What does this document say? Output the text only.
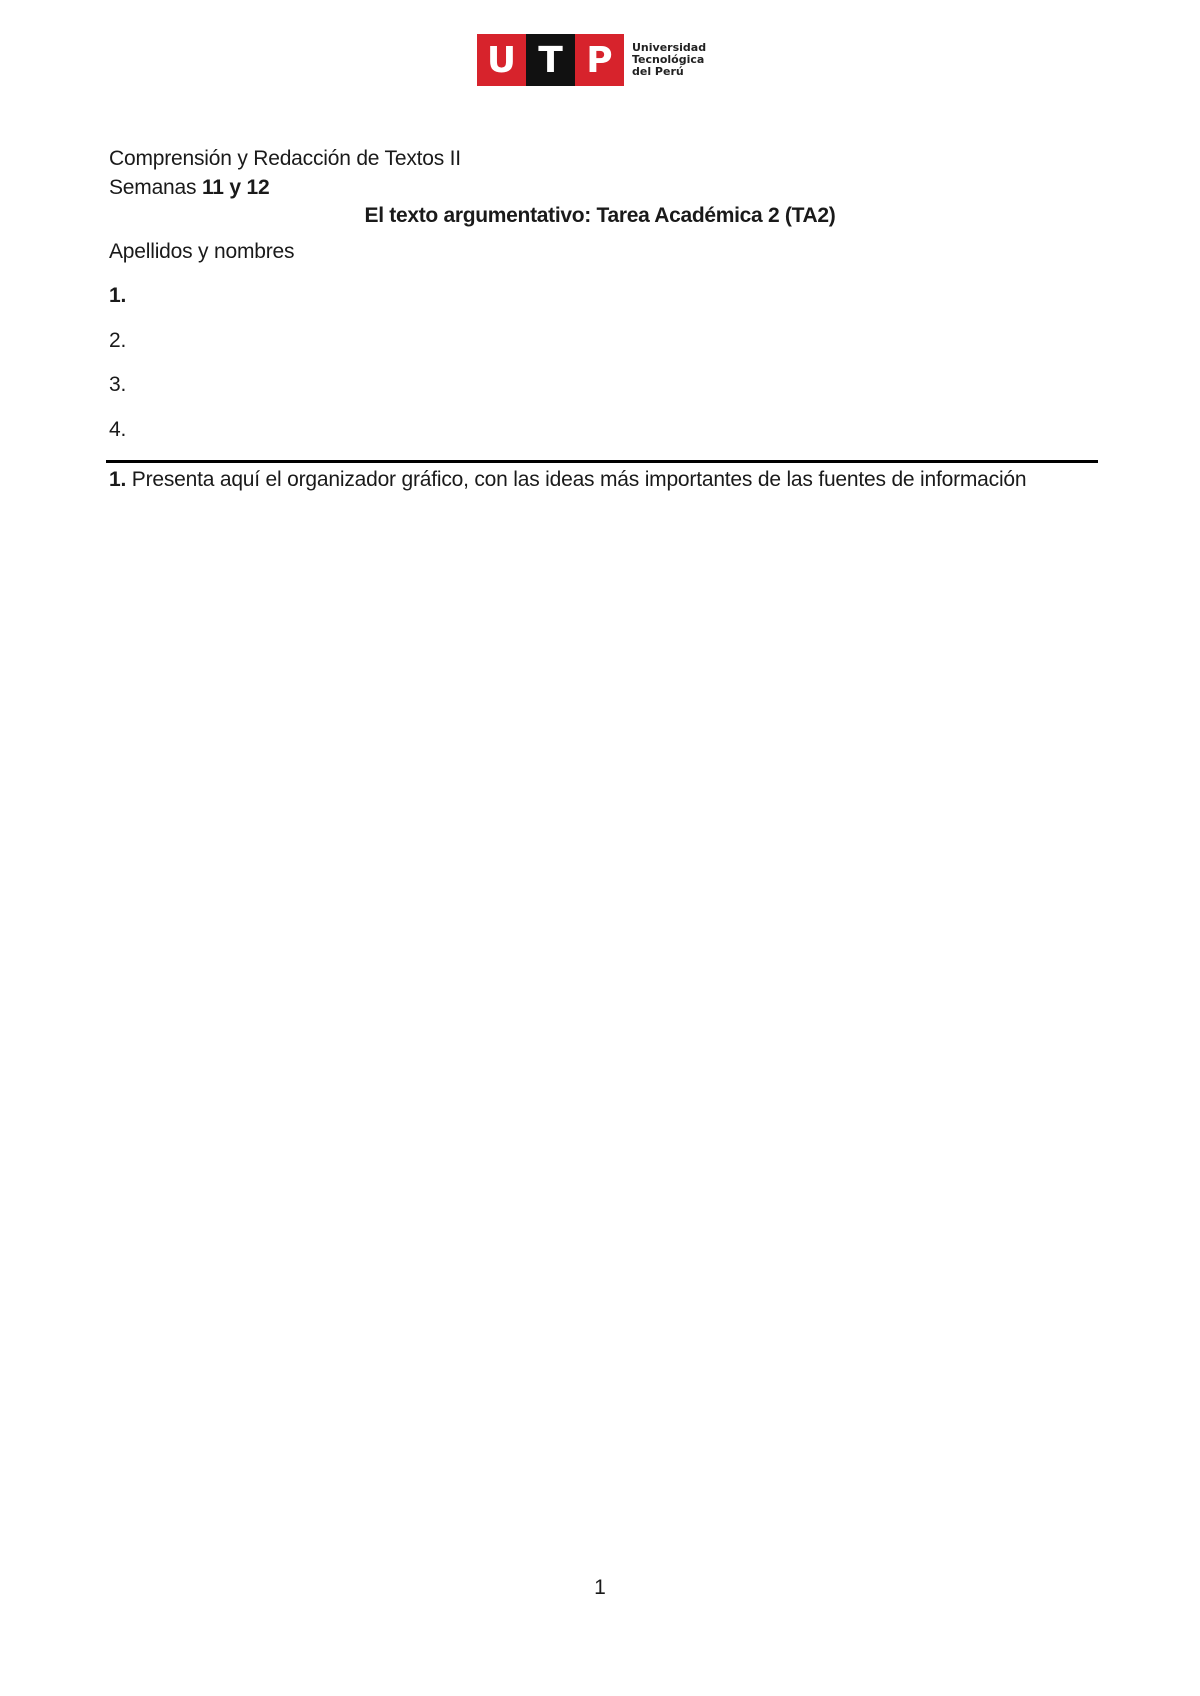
U T P	Universidad
Tecnológica
del Perú
Comprensión y Redacción de Textos II
Semanas 11 y 12
El texto argumentativo: Tarea Académica 2 (TA2)
Apellidos y nombres
1.
2.
3.
4.
1. Presenta aquí el organizador gráfico, con las ideas más importantes de las fuentes de información
1
